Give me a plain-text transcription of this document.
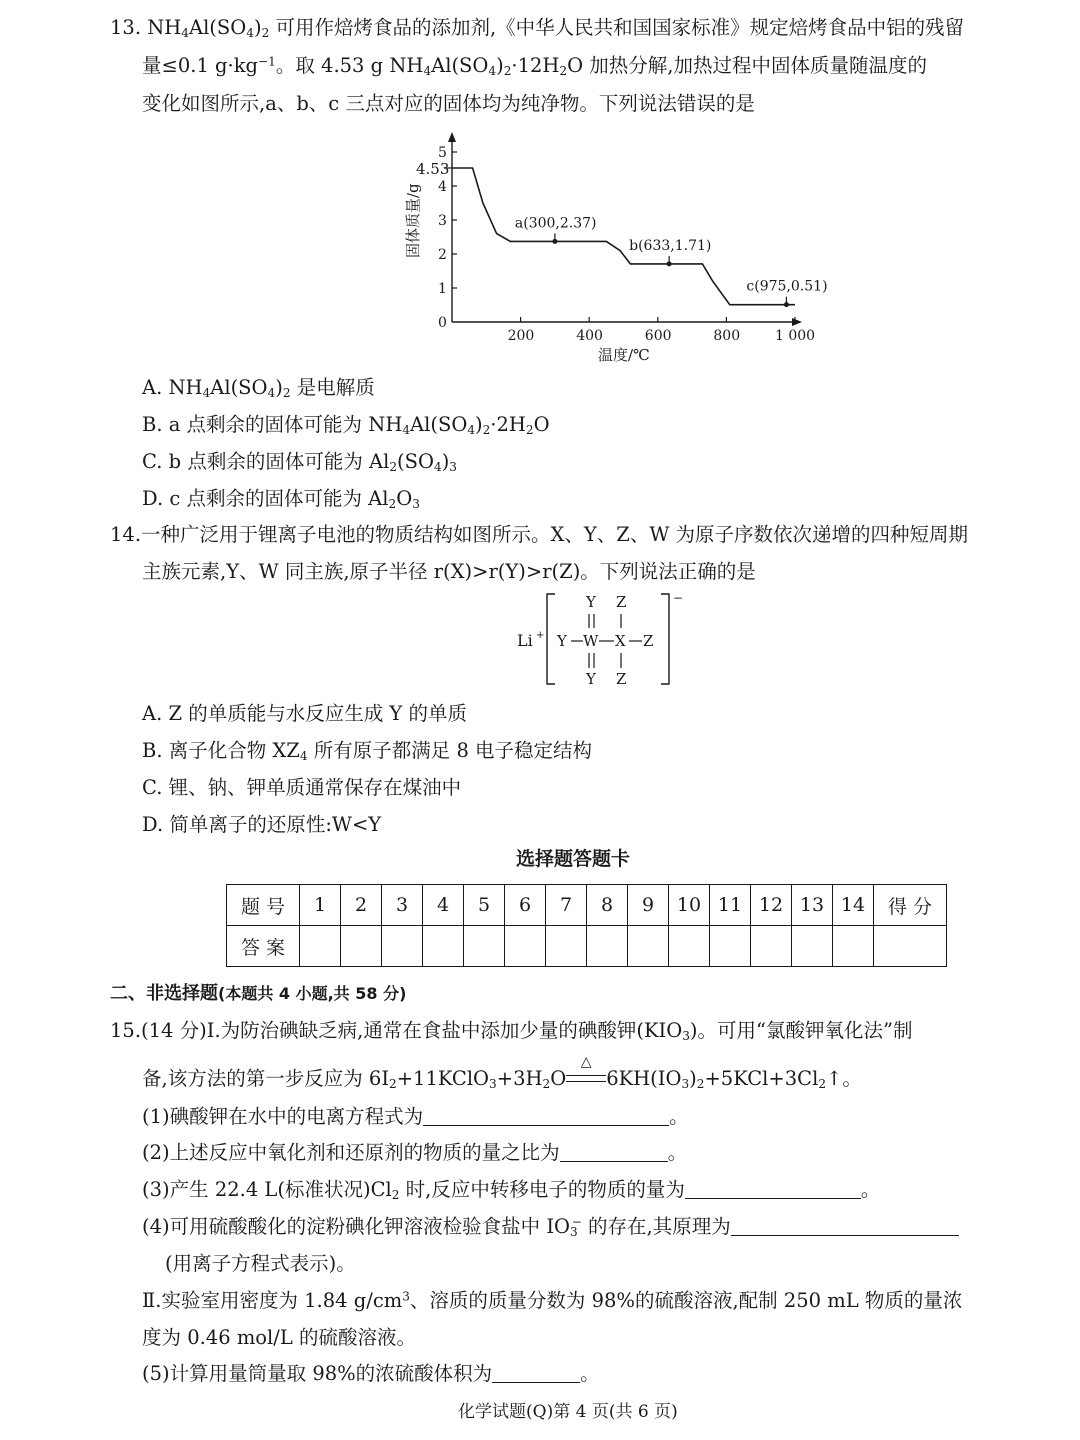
13. $NH_4Al(SO_4)_2$ 可用作焙烤食品的添加剂,《中华人民共和国国家标准》规定焙烤食品中铝的残留
量≤0.1 $g\cdot kg^{-1}$。取 4.53 g $NH_4Al(SO_4)_2\cdot 12H_2O$ 加热分解,加热过程中固体质量随温度的
变化如图所示,a、b、c 三点对应的固体均为纯净物。下列说法错误的是
0
1
2
3
4
5
200	400	600	800 1 000
a(300,2.37)
b(633,1.71)
c(975,0.51)
固体质量/g
温度/℃
4.53
A. $NH_4Al(SO_4)_2$ 是电解质
B. a 点剩余的固体可能为 $NH_4Al(SO_4)_2\cdot 2H_2O$
C. b 点剩余的固体可能为 $Al_2(SO_4)_3$
D. c 点剩余的固体可能为 $Al_2O_3$
14.一种广泛用于锂离子电池的物质结构如图所示。X、Y、Z、W 为原子序数依次递增的四种短周期
主族元素,Y、W 同主族,原子半径 r(X)>r(Y)>r(Z)。下列说法正确的是
Li +
−
Y Z
Y W X Z
Y Z
A. Z 的单质能与水反应生成 Y 的单质
B. 离子化合物 $XZ_4$ 所有原子都满足 8 电子稳定结构
C. 锂、钠、钾单质通常保存在煤油中
D. 简单离子的还原性:W<Y
选择题答题卡
题 号	1	2	3	4	5	6	7	8	9	10	11	12	13	14	得 分
答 案															
二、非选择题(本题共 4 小题,共 58 分)
15.(14 分)Ⅰ.为防治碘缺乏病,通常在食盐中添加少量的碘酸钾$(KIO_3)$。可用“氯酸钾氧化法”制
备,该方法的第一步反应为 $6I_2+11KClO_3+3H_2O$
△
$6KH(IO_3)_2+5KCl+3Cl_2↑$。
(1)碘酸钾在水中的电离方程式为	。
(2)上述反应中氧化剂和还原剂的物质的量之比为	。
(3)产生 22.4 L(标准状况)$Cl_2$ 时,反应中转移电子的物质的量为	。
(4)可用硫酸酸化的淀粉碘化钾溶液检验食盐中 $IO_3^-$ 的存在,其原理为
(用离子方程式表示)。
Ⅱ.实验室用密度为 1.84 $g/cm^3$、溶质的质量分数为 98%的硫酸溶液,配制 250 mL 物质的量浓
度为 0.46 mol/L 的硫酸溶液。
(5)计算用量筒量取 98%的浓硫酸体积为	。
化学试题(Q)第 4 页(共 6 页)
